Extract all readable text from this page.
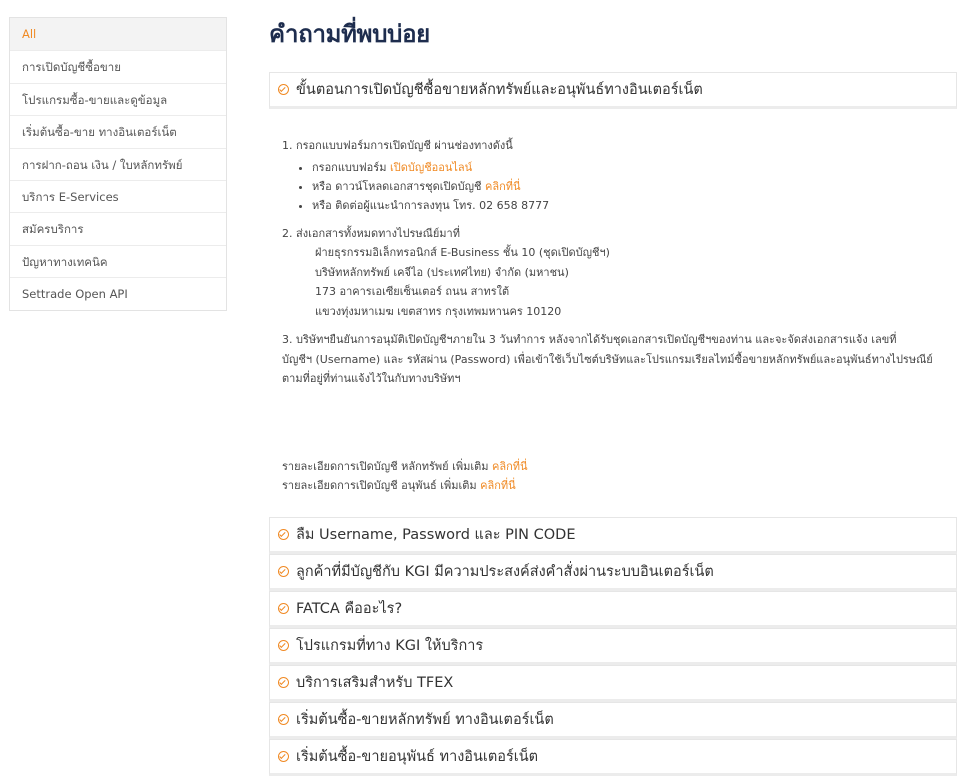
All
การเปิดบัญชีซื้อขาย
โปรแกรมซื้อ-ขายและดูข้อมูล
เริ่มต้นซื้อ-ขาย ทางอินเตอร์เน็ต
การฝาก-ถอน เงิน / ใบหลักทรัพย์
บริการ E-Services
สมัครบริการ
ปัญหาทางเทคนิค
Settrade Open API
คำถามที่พบบ่อย
ขั้นตอนการเปิดบัญชีซื้อขายหลักทรัพย์และอนุพันธ์ทางอินเตอร์เน็ต

1. กรอกแบบฟอร์มการเปิดบัญชี ผ่านช่องทางดังนี้

• กรอกแบบฟอร์ม เปิดบัญชีออนไลน์
• หรือ ดาวน์โหลดเอกสารชุดเปิดบัญชี คลิกที่นี่
• หรือ ติดต่อผู้แนะนำการลงทุน โทร. 02 658 8777

2. ส่งเอกสารทั้งหมดทางไปรษณีย์มาที่

ฝ่ายธุรกรรมอิเล็กทรอนิกส์ E-Business ชั้น 10 (ชุดเปิดบัญชีฯ)
บริษัทหลักทรัพย์ เคจีไอ (ประเทศไทย) จำกัด (มหาชน)
173 อาคารเอเซียเซ็นเตอร์ ถนน สาทรใต้
แขวงทุ่งมหาเมฆ เขตสาทร กรุงเทพมหานคร 10120

3. บริษัทฯยืนยันการอนุมัติเปิดบัญชีฯภายใน 3 วันทำการ หลังจากได้รับชุดเอกสารเปิดบัญชีฯของท่าน และจะจัดส่งเอกสารแจ้ง เลขที่

บัญชีฯ (Username) และ รหัสผ่าน (Password) เพื่อเข้าใช้เว็บไซต์บริษัทและโปรแกรมเรียลไทม์ซื้อขายหลักทรัพย์และอนุพันธ์ทางไปรษณีย์

ตามที่อยู่ที่ท่านแจ้งไว้ในกับทางบริษัทฯ

รายละเอียดการเปิดบัญชี หลักทรัพย์ เพิ่มเติม คลิกที่นี่

รายละเอียดการเปิดบัญชี อนุพันธ์ เพิ่มเติม คลิกที่นี่

ลืม Username, Password และ PIN CODE
ลูกค้าที่มีบัญชีกับ KGI มีความประสงค์ส่งคำสั่งผ่านระบบอินเตอร์เน็ต
FATCA คืออะไร?
โปรแกรมที่ทาง KGI ให้บริการ
บริการเสริมสำหรับ TFEX
เริ่มต้นซื้อ-ขายหลักทรัพย์ ทางอินเตอร์เน็ต
เริ่มต้นซื้อ-ขายอนุพันธ์ ทางอินเตอร์เน็ต
